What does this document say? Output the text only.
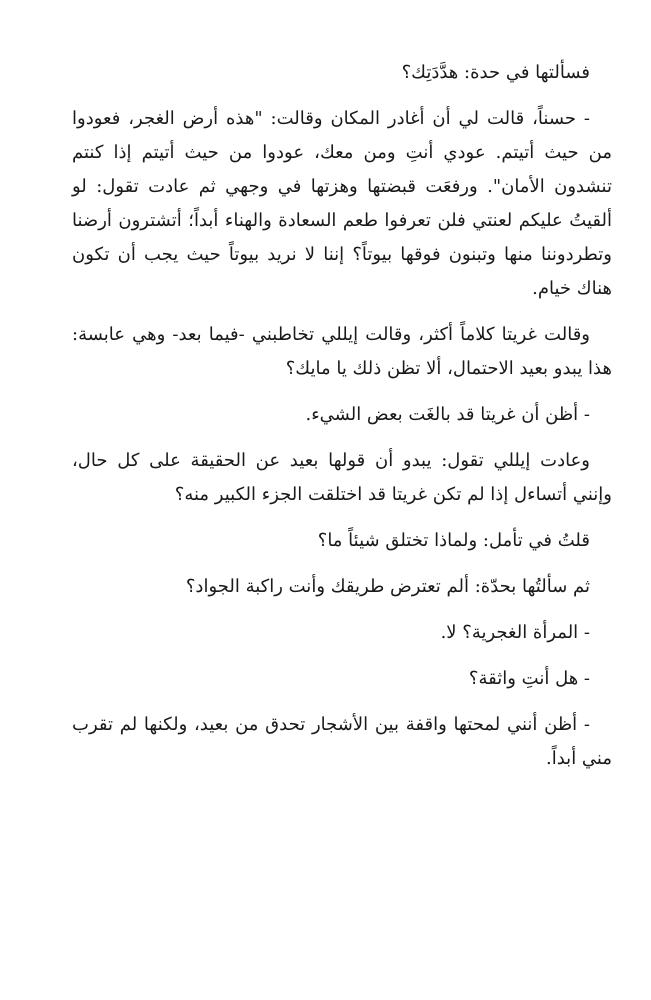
فسألتها في حدة: هدَّدَتِك؟

- حسناً، قالت لي أن أغادر المكان وقالت: "هذه أرض الغجر، فعودوا من حيث أتيتم. عودي أنتِ ومن معك، عودوا من حيث أتيتم إذا كنتم تنشدون الأمان". ورفعَت قبضتها وهزتها في وجهي ثم عادت تقول: لو ألقيتُ عليكم لعنتي فلن تعرفوا طعم السعادة والهناء أبداً؛ أتشترون أرضنا وتطردوننا منها وتبنون فوقها بيوتاً؟ إننا لا نريد بيوتاً حيث يجب أن تكون هناك خيام.

وقالت غريتا كلاماً أكثر، وقالت إيللي تخاطبني -فيما بعد- وهي عابسة: هذا يبدو بعيد الاحتمال، ألا تظن ذلك يا مايك؟

- أظن أن غريتا قد بالغَت بعض الشيء.

وعادت إيللي تقول: يبدو أن قولها بعيد عن الحقيقة على كل حال، وإنني أتساءل إذا لم تكن غريتا قد اختلقت الجزء الكبير منه؟

قلتُ في تأمل: ولماذا تختلق شيئاً ما؟

ثم سألتُها بحدّة: ألم تعترض طريقك وأنت راكبة الجواد؟

- المرأة الغجرية؟ لا.

- هل أنتِ واثقة؟

- أظن أنني لمحتها واقفة بين الأشجار تحدق من بعيد، ولكنها لم تقرب مني أبداً.
